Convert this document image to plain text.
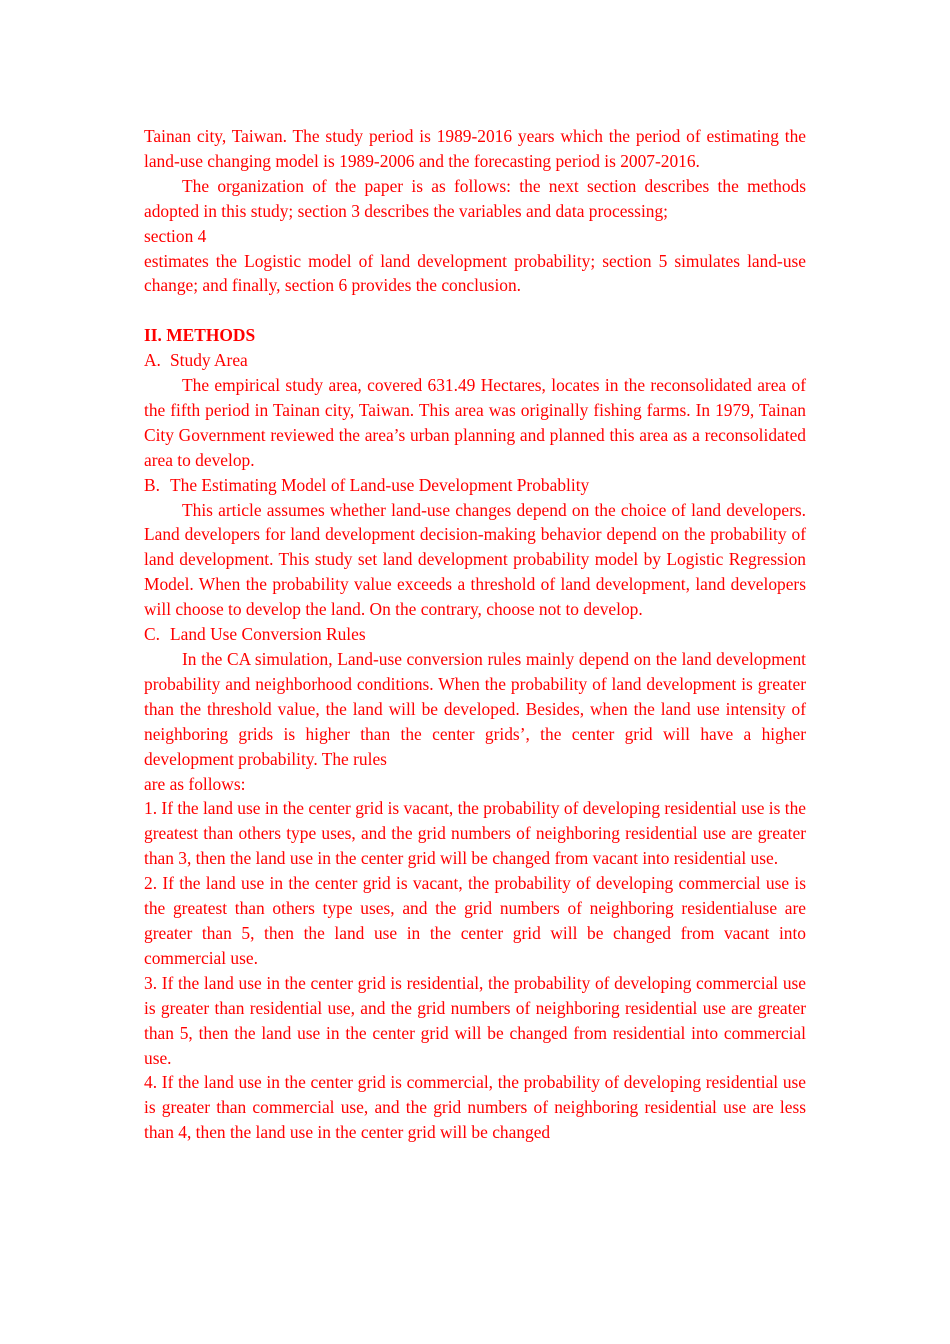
Tainan city, Taiwan. The study period is 1989-2016 years which the period of estimating the land-use changing model is 1989-2006 and the forecasting period is 2007-2016.

The organization of the paper is as follows: the next section describes the methods adopted in this study; section 3 describes the variables and data processing;

section 4

estimates the Logistic model of land development probability; section 5 simulates land-use change; and finally, section 6 provides the conclusion.

II. METHODS

A. Study Area

The empirical study area, covered 631.49 Hectares, locates in the reconsolidated area of the fifth period in Tainan city, Taiwan. This area was originally fishing farms. In 1979, Tainan City Government reviewed the area’s urban planning and planned this area as a reconsolidated area to develop.

B. The Estimating Model of Land-use Development Probablity

This article assumes whether land-use changes depend on the choice of land developers. Land developers for land development decision-making behavior depend on the probability of land development. This study set land development probability model by Logistic Regression Model. When the probability value exceeds a threshold of land development, land developers will choose to develop the land. On the contrary, choose not to develop.

C. Land Use Conversion Rules

In the CA simulation, Land-use conversion rules mainly depend on the land development probability and neighborhood conditions. When the probability of land development is greater than the threshold value, the land will be developed. Besides, when the land use intensity of neighboring grids is higher than the center grids’, the center grid will have a higher development probability. The rules

are as follows:

1. If the land use in the center grid is vacant, the probability of developing residential use is the greatest than others type uses, and the grid numbers of neighboring residential use are greater than 3, then the land use in the center grid will be changed from vacant into residential use.

2. If the land use in the center grid is vacant, the probability of developing commercial use is the greatest than others type uses, and the grid numbers of neighboring residentialuse are greater than 5, then the land use in the center grid will be changed from vacant into commercial use.

3. If the land use in the center grid is residential, the probability of developing commercial use is greater than residential use, and the grid numbers of neighboring residential use are greater than 5, then the land use in the center grid will be changed from residential into commercial use.

4. If the land use in the center grid is commercial, the probability of developing residential use is greater than commercial use, and the grid numbers of neighboring residential use are less than 4, then the land use in the center grid will be changed
